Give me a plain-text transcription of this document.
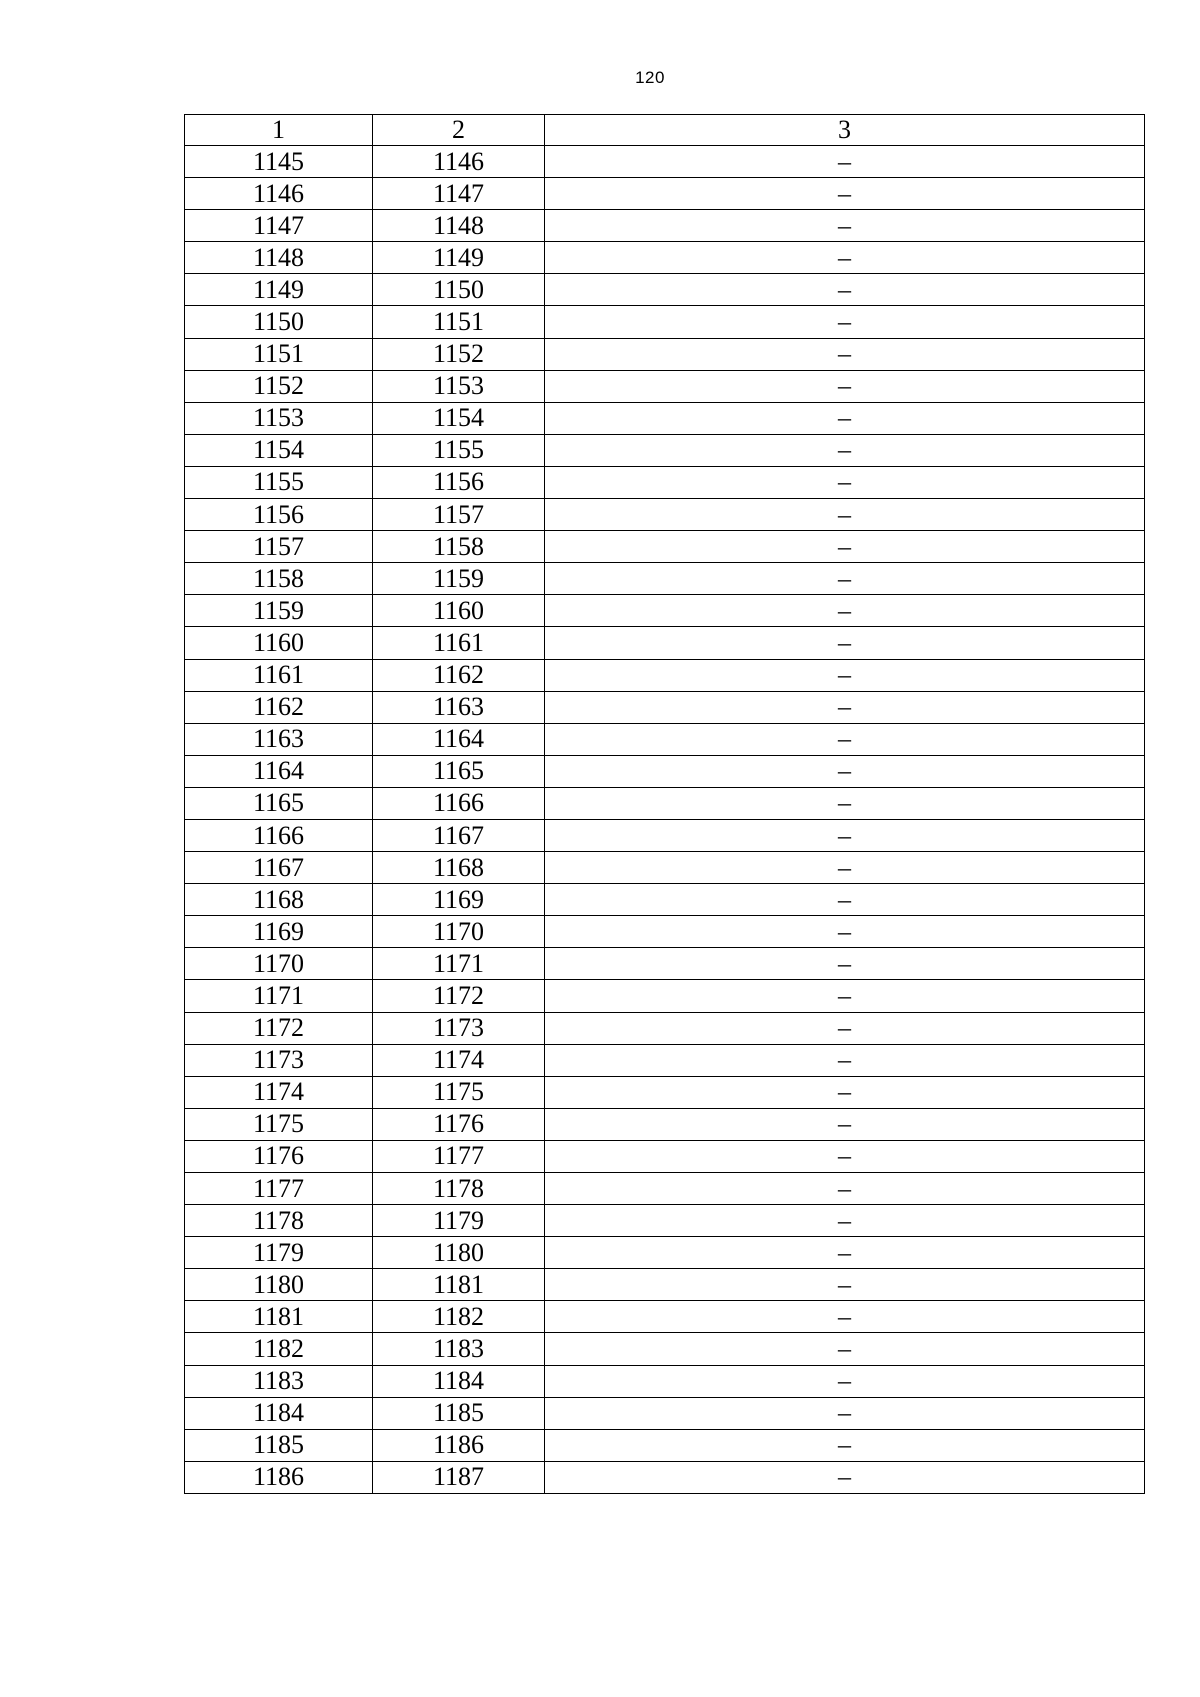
120
1	2	3
1145	1146	–
1146	1147	–
1147	1148	–
1148	1149	–
1149	1150	–
1150	1151	–
1151	1152	–
1152	1153	–
1153	1154	–
1154	1155	–
1155	1156	–
1156	1157	–
1157	1158	–
1158	1159	–
1159	1160	–
1160	1161	–
1161	1162	–
1162	1163	–
1163	1164	–
1164	1165	–
1165	1166	–
1166	1167	–
1167	1168	–
1168	1169	–
1169	1170	–
1170	1171	–
1171	1172	–
1172	1173	–
1173	1174	–
1174	1175	–
1175	1176	–
1176	1177	–
1177	1178	–
1178	1179	–
1179	1180	–
1180	1181	–
1181	1182	–
1182	1183	–
1183	1184	–
1184	1185	–
1185	1186	–
1186	1187	–
